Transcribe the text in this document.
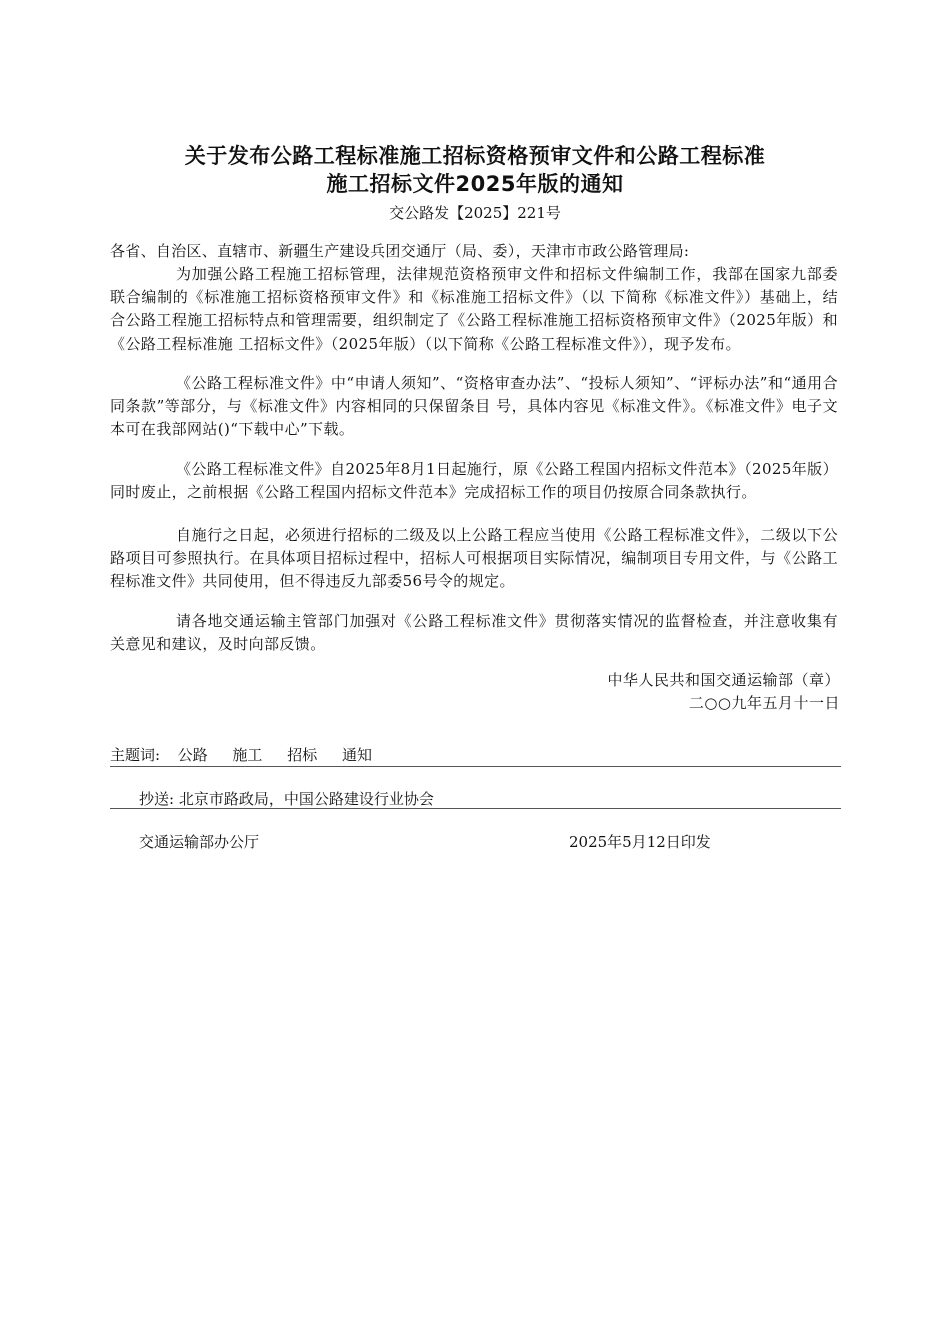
关于发布公路工程标准施工招标资格预审文件和公路工程标准
施工招标文件2025年版的通知
交公路发【2025】221号
各省、自治区、直辖市、新疆生产建设兵团交通厅（局、委），天津市市政公路管理局:
为加强公路工程施工招标管理，法律规范资格预审文件和招标文件编制工作，我部在国家九部委联合编制的《标准施工招标资格预审文件》和《标准施工招标文件》（以 下简称《标准文件》）基础上，结合公路工程施工招标特点和管理需要，组织制定了《公路工程标准施工招标资格预审文件》（2025年版）和《公路工程标准施 工招标文件》（2025年版）（以下简称《公路工程标准文件》），现予发布。
《公路工程标准文件》中“申请人须知”、“资格审查办法”、“投标人须知”、“评标办法”和“通用合同条款”等部分，与《标准文件》内容相同的只保留条目 号，具体内容见《标准文件》。《标准文件》电子文本可在我部网站()“下载中心”下载。
《公路工程标准文件》自2025年8月1日起施行，原《公路工程国内招标文件范本》（2025年版）同时废止，之前根据《公路工程国内招标文件范本》完成招标工作的项目仍按原合同条款执行。
自施行之日起，必须进行招标的二级及以上公路工程应当使用《公路工程标准文件》，二级以下公路项目可参照执行。在具体项目招标过程中，招标人可根据项目实际情况，编制项目专用文件，与《公路工程标准文件》共同使用，但不得违反九部委56号令的规定。
请各地交通运输主管部门加强对《公路工程标准文件》贯彻落实情况的监督检查，并注意收集有关意见和建议，及时向部反馈。
中华人民共和国交通运输部（章）
二○○九年五月十一日
主题词: 公路 施工 招标 通知
抄送: 北京市路政局，中国公路建设行业协会
交通运输部办公厅	2025年5月12日印发
